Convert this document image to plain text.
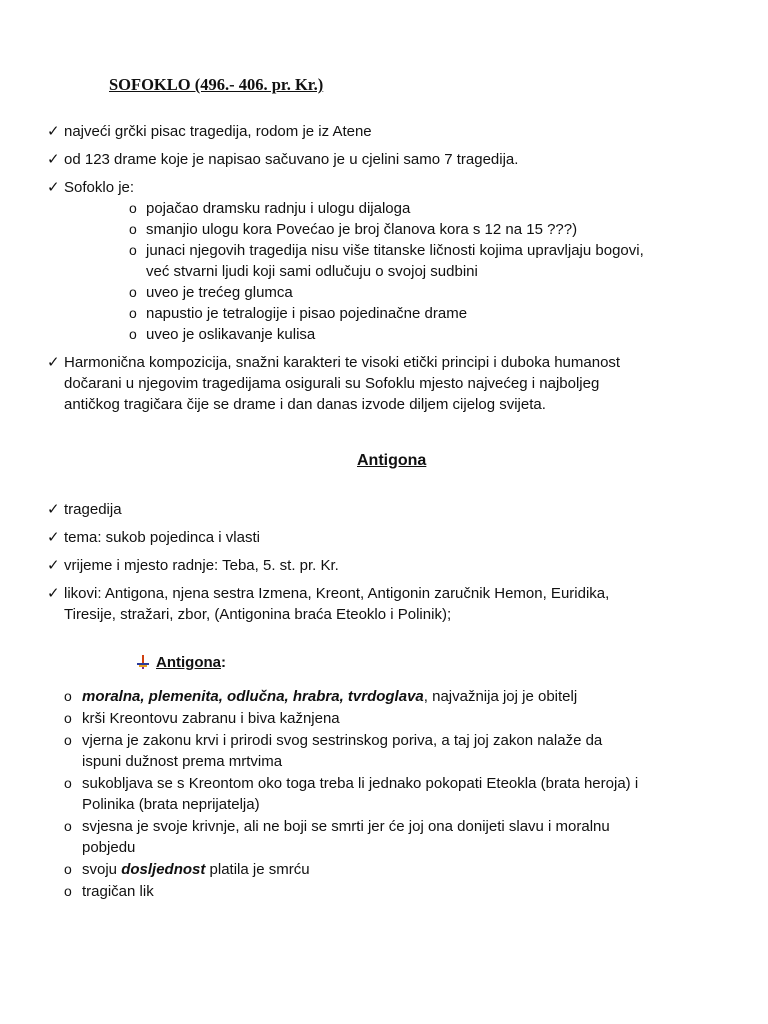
SOFOKLO (496.- 406. pr. Kr.)
✓ najveći grčki pisac tragedija, rodom je iz Atene
✓ od 123 drame koje je napisao sačuvano je u cjelini samo 7 tragedija.
✓ Sofoklo je:
o pojačao dramsku radnju i ulogu dijaloga
o smanjio ulogu kora Povećao je broj članova kora s 12 na 15 ???)
o junaci njegovih tragedija nisu više titanske ličnosti kojima upravljaju bogovi,
već stvarni ljudi koji sami odlučuju o svojoj sudbini
o uveo je trećeg glumca
o napustio je tetralogije i pisao pojedinačne drame
o uveo je oslikavanje kulisa
✓ Harmonična kompozicija, snažni karakteri te visoki etički principi i duboka humanost
dočarani u njegovim tragedijama osigurali su Sofoklu mjesto najvećeg i najboljeg
antičkog tragičara čije se drame i dan danas izvode diljem cijelog svijeta.
Antigona
✓ tragedija
✓ tema: sukob pojedinca i vlasti
✓ vrijeme i mjesto radnje: Teba, 5. st. pr. Kr.
✓ likovi: Antigona, njena sestra Izmena, Kreont, Antigonin zaručnik Hemon, Euridika,
Tiresije, stražari, zbor, (Antigonina braća Eteoklo i Polinik);
Antigona:
o moralna, plemenita, odlučna, hrabra, tvrdoglava, najvažnija joj je obitelj
o krši Kreontovu zabranu i biva kažnjena
o vjerna je zakonu krvi i prirodi svog sestrinskog poriva, a taj joj zakon nalaže da
ispuni dužnost prema mrtvima
o sukobljava se s Kreontom oko toga treba li jednako pokopati Eteokla (brata heroja) i
Polinika (brata neprijatelja)
o svjesna je svoje krivnje, ali ne boji se smrti jer će joj ona donijeti slavu i moralnu
pobjedu
o svoju dosljednost platila je smrću
o tragičan lik
